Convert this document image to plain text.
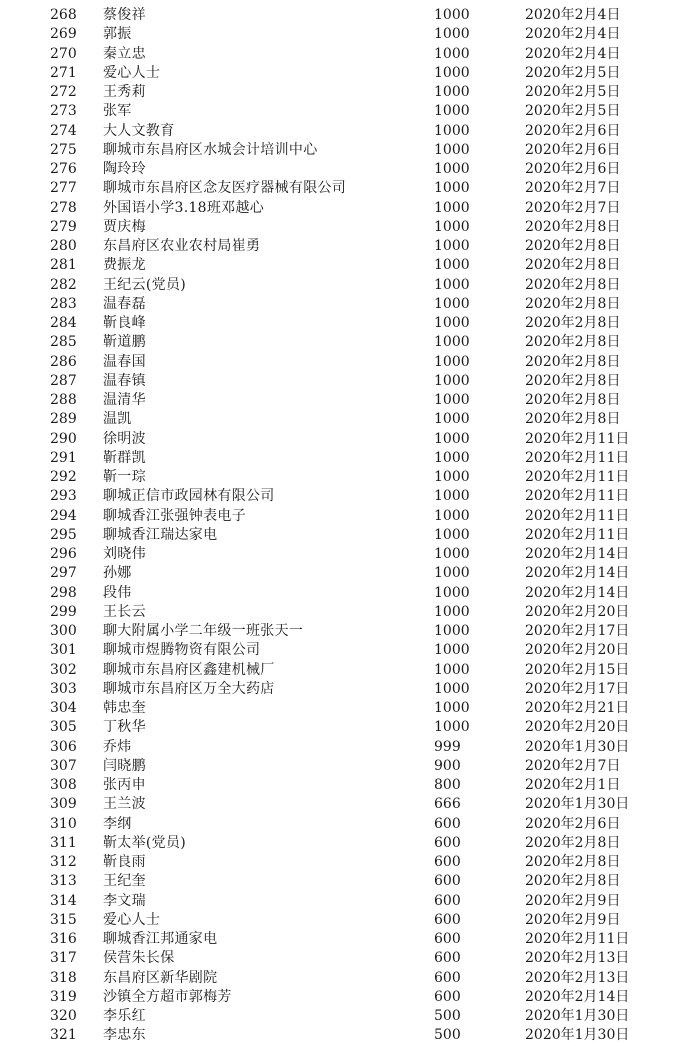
268	蔡俊祥	1000	2020年2月4日
269	郭振	1000	2020年2月4日
270	秦立忠	1000	2020年2月4日
271	爱心人士	1000	2020年2月5日
272	王秀莉	1000	2020年2月5日
273	张军	1000	2020年2月5日
274	大人文教育	1000	2020年2月6日
275	聊城市东昌府区水城会计培训中心	1000	2020年2月6日
276	陶玲玲	1000	2020年2月6日
277	聊城市东昌府区念友医疗器械有限公司	1000	2020年2月7日
278	外国语小学3.18班邓越心	1000	2020年2月7日
279	贾庆梅	1000	2020年2月8日
280	东昌府区农业农村局崔勇	1000	2020年2月8日
281	费振龙	1000	2020年2月8日
282	王纪云(党员)	1000	2020年2月8日
283	温春磊	1000	2020年2月8日
284	靳良峰	1000	2020年2月8日
285	靳道鹏	1000	2020年2月8日
286	温春国	1000	2020年2月8日
287	温春镇	1000	2020年2月8日
288	温清华	1000	2020年2月8日
289	温凯	1000	2020年2月8日
290	徐明波	1000	2020年2月11日
291	靳群凯	1000	2020年2月11日
292	靳一琮	1000	2020年2月11日
293	聊城正信市政园林有限公司	1000	2020年2月11日
294	聊城香江张强钟表电子	1000	2020年2月11日
295	聊城香江瑞达家电	1000	2020年2月11日
296	刘晓伟	1000	2020年2月14日
297	孙娜	1000	2020年2月14日
298	段伟	1000	2020年2月14日
299	王长云	1000	2020年2月20日
300	聊大附属小学二年级一班张天一	1000	2020年2月17日
301	聊城市煜腾物资有限公司	1000	2020年2月20日
302	聊城市东昌府区鑫建机械厂	1000	2020年2月15日
303	聊城市东昌府区万全大药店	1000	2020年2月17日
304	韩忠奎	1000	2020年2月21日
305	丁秋华	1000	2020年2月20日
306	乔炜	999	2020年1月30日
307	闫晓鹏	900	2020年2月7日
308	张丙申	800	2020年2月1日
309	王兰波	666	2020年1月30日
310	李纲	600	2020年2月6日
311	靳太举(党员)	600	2020年2月8日
312	靳良雨	600	2020年2月8日
313	王纪奎	600	2020年2月8日
314	李文瑞	600	2020年2月9日
315	爱心人士	600	2020年2月9日
316	聊城香江邦通家电	600	2020年2月11日
317	侯营朱长保	600	2020年2月13日
318	东昌府区新华剧院	600	2020年2月13日
319	沙镇全方超市郭梅芳	600	2020年2月14日
320	李乐红	500	2020年1月30日
321	李忠东	500	2020年1月30日
